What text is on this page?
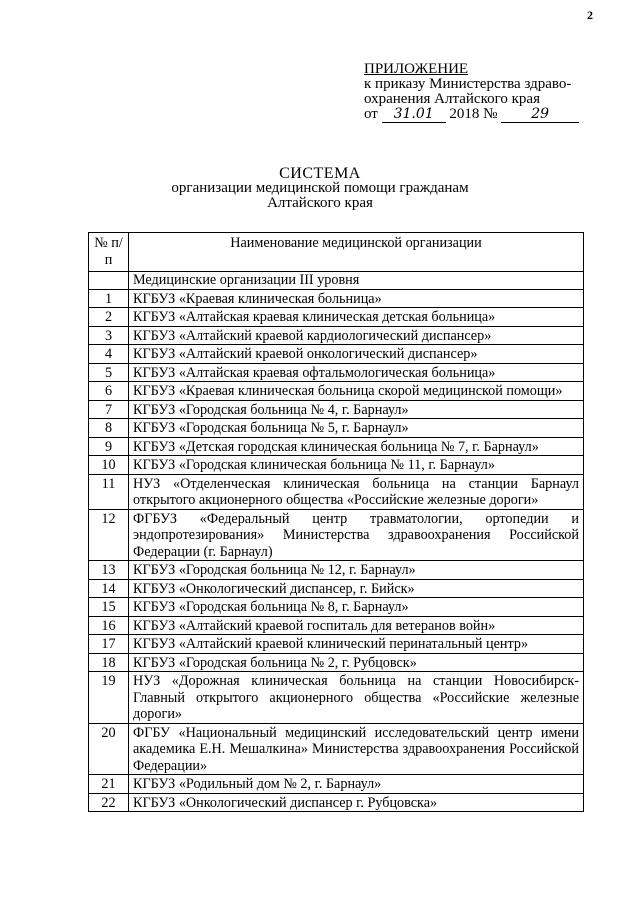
2
ПРИЛОЖЕНИЕ
к приказу Министерства здраво-
охранения Алтайского края
от 31.01 2018 № 29
СИСТЕМА
организации медицинской помощи гражданам
Алтайского края
№ п/п	Наименование медицинской организации
	Медицинские организации III уровня
1	КГБУЗ «Краевая клиническая больница»
2	КГБУЗ «Алтайская краевая клиническая детская больница»
3	КГБУЗ «Алтайский краевой кардиологический диспансер»
4	КГБУЗ «Алтайский краевой онкологический диспансер»
5	КГБУЗ «Алтайская краевая офтальмологическая больница»
6	КГБУЗ «Краевая клиническая больница скорой медицинской помощи»
7	КГБУЗ «Городская больница № 4, г. Барнаул»
8	КГБУЗ «Городская больница № 5, г. Барнаул»
9	КГБУЗ «Детская городская клиническая больница № 7, г. Барнаул»
10	КГБУЗ «Городская клиническая больница № 11, г. Барнаул»
11	НУЗ «Отделенческая клиническая больница на станции Барнаул открытого акционерного общества «Российские железные дороги»
12	ФГБУЗ «Федеральный центр травматологии, ортопедии и эндопротезирования» Министерства здравоохранения Российской Федерации (г. Барнаул)
13	КГБУЗ «Городская больница № 12, г. Барнаул»
14	КГБУЗ «Онкологический диспансер, г. Бийск»
15	КГБУЗ «Городская больница № 8, г. Барнаул»
16	КГБУЗ «Алтайский краевой госпиталь для ветеранов войн»
17	КГБУЗ «Алтайский краевой клинический перинатальный центр»
18	КГБУЗ «Городская больница № 2, г. Рубцовск»
19	НУЗ «Дорожная клиническая больница на станции Новосибирск-Главный открытого акционерного общества «Российские железные дороги»
20	ФГБУ «Национальный медицинский исследовательский центр имени академика Е.Н. Мешалкина» Министерства здравоохранения Российской Федерации»
21	КГБУЗ «Родильный дом № 2, г. Барнаул»
22	КГБУЗ «Онкологический диспансер г. Рубцовска»
